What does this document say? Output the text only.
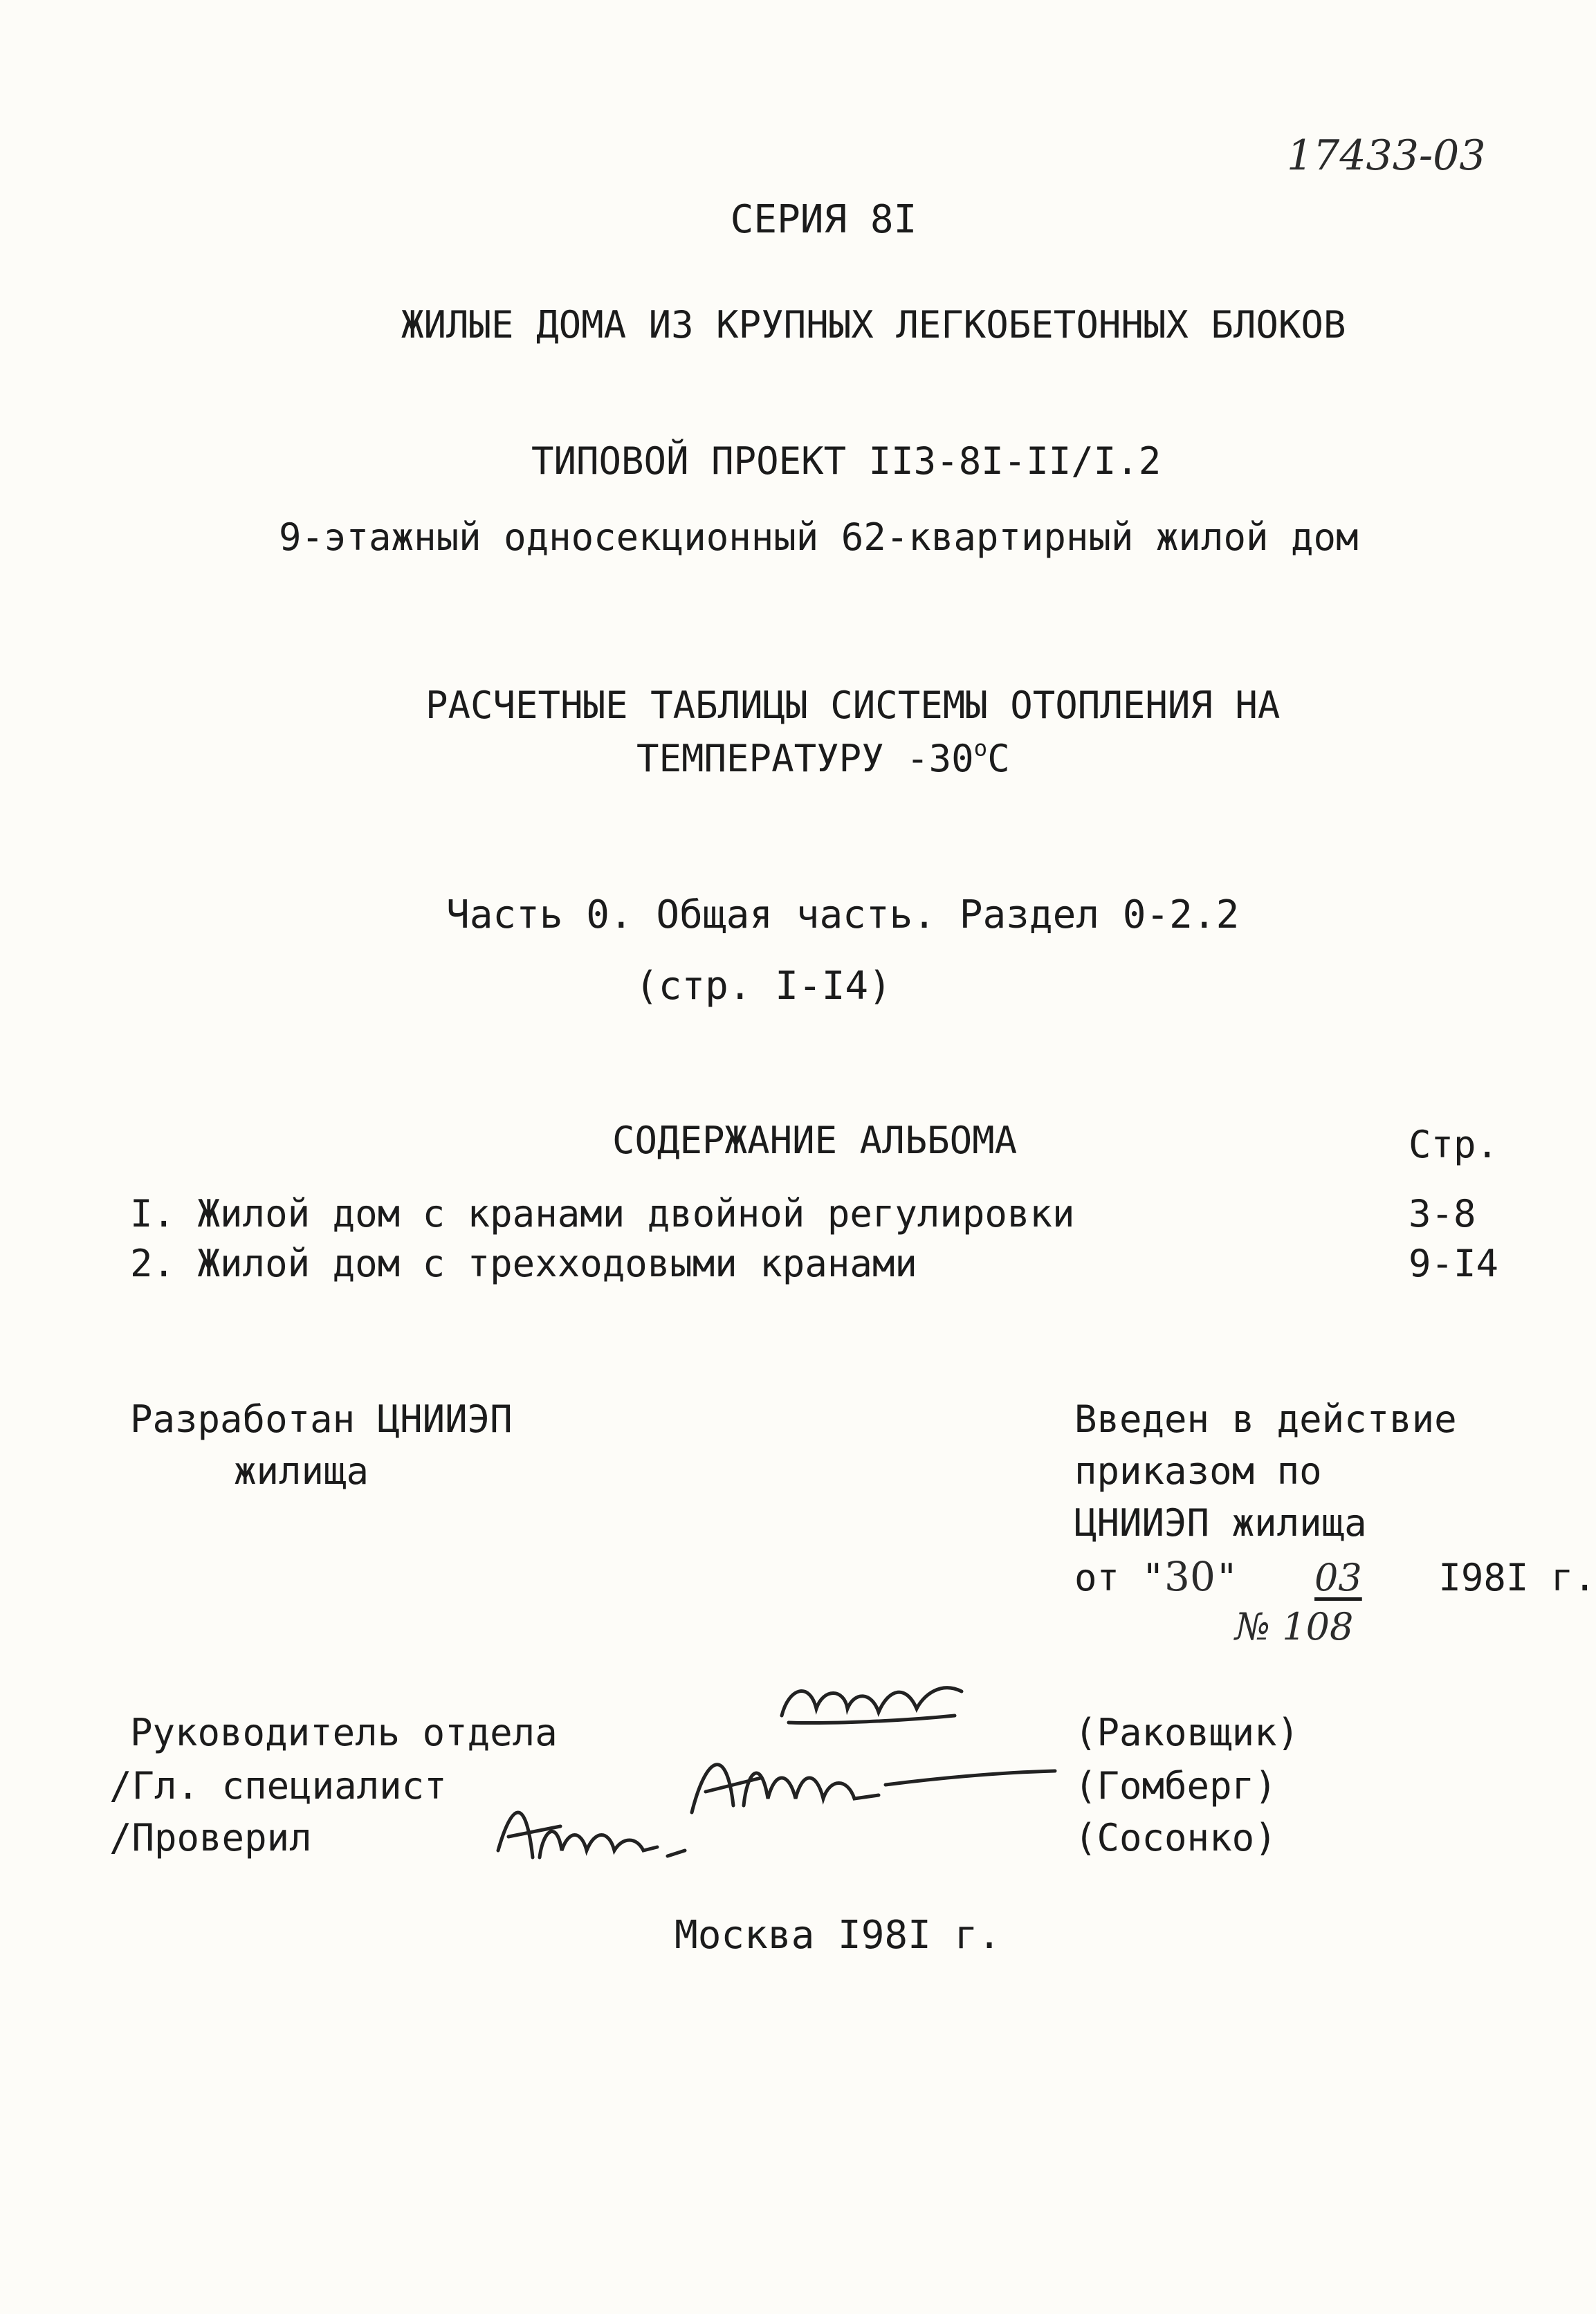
17433-03
СЕРИЯ 8I
ЖИЛЫЕ ДОМА ИЗ КРУПНЫХ ЛЕГКОБЕТОННЫХ БЛОКОВ
ТИПОВОЙ ПРОЕКТ II3-8I-II/I.2
9-этажный односекционный 62-квартирный жилой дом
РАСЧЕТНЫЕ ТАБЛИЦЫ СИСТЕМЫ ОТОПЛЕНИЯ НА
ТЕМПЕРАТУРУ $-30^оС$
Часть 0. Общая часть. Раздел 0-2.2
(стр. I-I4)
СОДЕРЖАНИЕ АЛЬБОМА	Стр.
I. Жилой дом с кранами двойной регулировки	3-8
2. Жилой дом с трехходовыми кранами	9-I4
Разработан ЦНИИЭП
жилища
Введен в действие
приказом по
ЦНИИЭП жилища
от "30" 03 I98I г.
№ 108
Руководитель отдела	(Раковщик)
/Гл. специалист	(Гомберг)
/Проверил	(Сосонко)
Москва I98I г.
